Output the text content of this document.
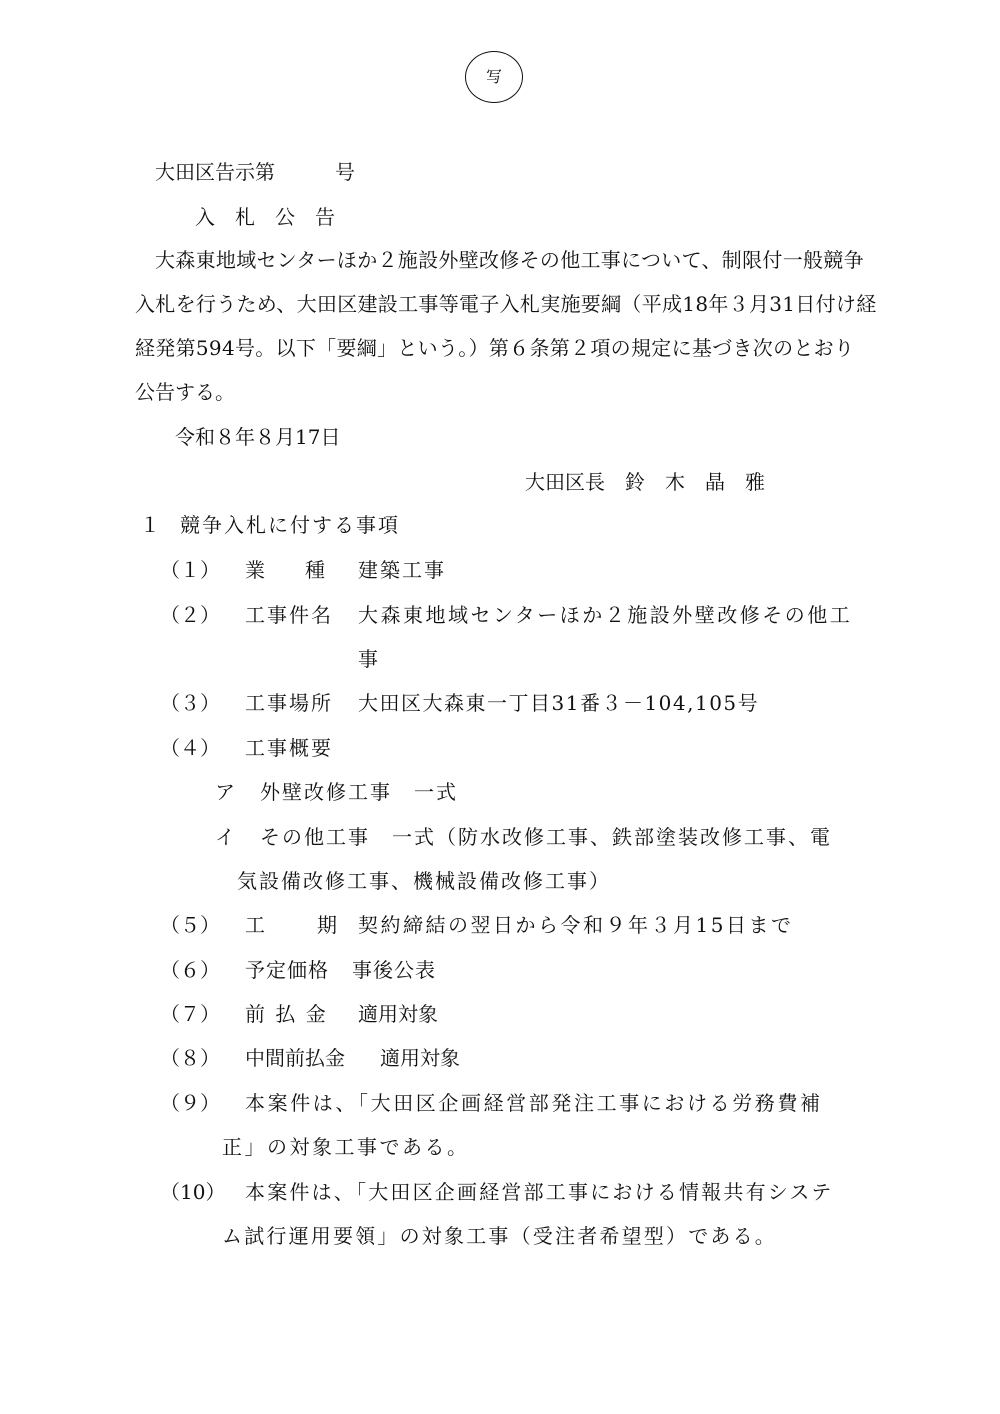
写

大田区告示第　　　号

入　札　公　告

大森東地域センターほか２施設外壁改修その他工事について、制限付一般競争

入札を行うため、大田区建設工事等電子入札実施要綱（平成18年３月31日付け経

経発第594号。以下「要綱」という。）第６条第２項の規定に基づき次のとおり

公告する。

令和８年８月17日

大田区長　鈴　木　晶　雅

１ 競争入札に付する事項

（１） 業　　種 建築工事

（２） 工事件名 大森東地域センターほか２施設外壁改修その他工

事

（３） 工事場所 大田区大森東一丁目31番３－104,105号

（４） 工事概要

ア 外壁改修工事　一式

イ その他工事　一式（防水改修工事、鉄部塗装改修工事、電

気設備改修工事、機械設備改修工事）

（５） 工　　期 契約締結の翌日から令和９年３月15日まで

（６） 予定価格 事後公表

（７） 前 払 金 適用対象

（８） 中間前払金 適用対象

（９） 本案件は、「大田区企画経営部発注工事における労務費補

正」の対象工事である。

（10） 本案件は、「大田区企画経営部工事における情報共有システ

ム試行運用要領」の対象工事（受注者希望型）である。
